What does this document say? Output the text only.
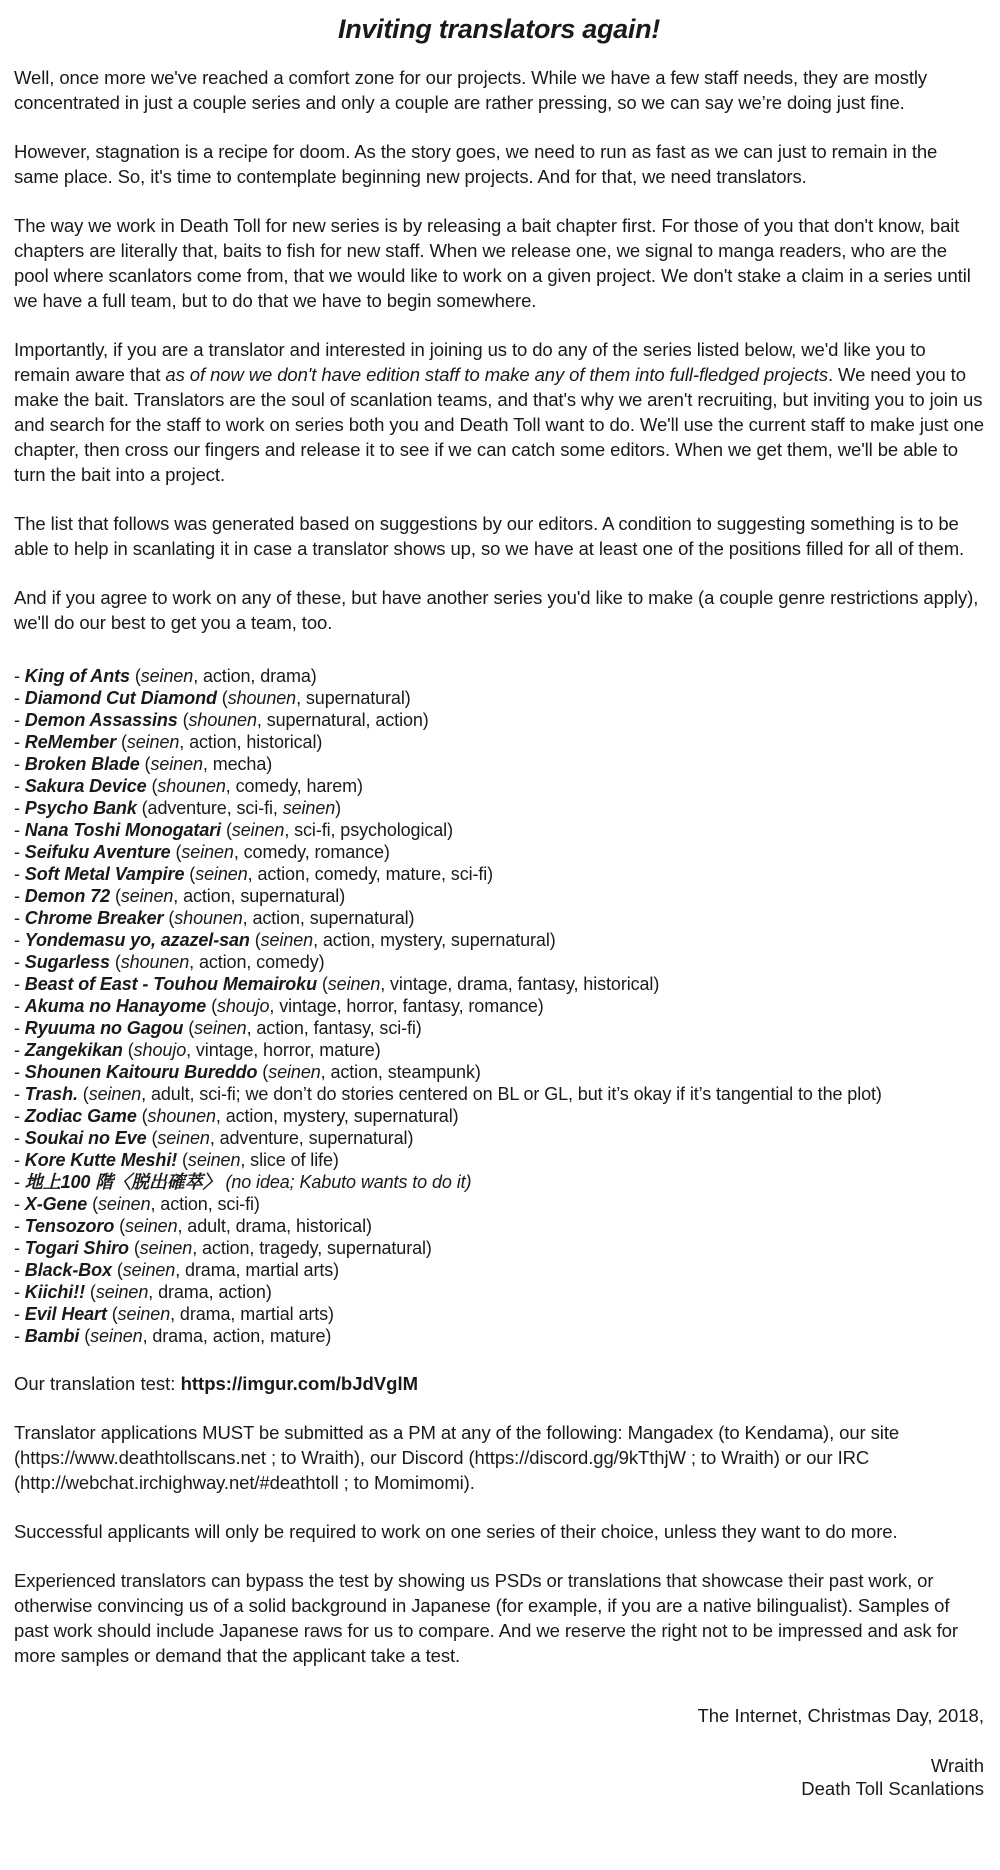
Inviting translators again!

Well, once more we've reached a comfort zone for our projects. While we have a few staff needs, they are mostly concentrated in just a couple series and only a couple are rather pressing, so we can say we’re doing just fine.

However, stagnation is a recipe for doom. As the story goes, we need to run as fast as we can just to remain in the same place. So, it's time to contemplate beginning new projects. And for that, we need translators.

The way we work in Death Toll for new series is by releasing a bait chapter first. For those of you that don't know, bait chapters are literally that, baits to fish for new staff. When we release one, we signal to manga readers, who are the pool where scanlators come from, that we would like to work on a given project. We don't stake a claim in a series until we have a full team, but to do that we have to begin somewhere.

Importantly, if you are a translator and interested in joining us to do any of the series listed below, we'd like you to remain aware that as of now we don't have edition staff to make any of them into full-fledged projects. We need you to make the bait. Translators are the soul of scanlation teams, and that's why we aren't recruiting, but inviting you to join us and search for the staff to work on series both you and Death Toll want to do. We'll use the current staff to make just one chapter, then cross our fingers and release it to see if we can catch some editors. When we get them, we'll be able to turn the bait into a project.

The list that follows was generated based on suggestions by our editors. A condition to suggesting something is to be able to help in scanlating it in case a translator shows up, so we have at least one of the positions filled for all of them.

And if you agree to work on any of these, but have another series you'd like to make (a couple genre restrictions apply), we'll do our best to get you a team, too.

- King of Ants (seinen, action, drama)
- Diamond Cut Diamond (shounen, supernatural)
- Demon Assassins (shounen, supernatural, action)
- ReMember (seinen, action, historical)
- Broken Blade (seinen, mecha)
- Sakura Device (shounen, comedy, harem)
- Psycho Bank (adventure, sci-fi, seinen)
- Nana Toshi Monogatari (seinen, sci-fi, psychological)
- Seifuku Aventure (seinen, comedy, romance)
- Soft Metal Vampire (seinen, action, comedy, mature, sci-fi)
- Demon 72 (seinen, action, supernatural)
- Chrome Breaker (shounen, action, supernatural)
- Yondemasu yo, azazel-san (seinen, action, mystery, supernatural)
- Sugarless (shounen, action, comedy)
- Beast of East - Touhou Memairoku (seinen, vintage, drama, fantasy, historical)
- Akuma no Hanayome (shoujo, vintage, horror, fantasy, romance)
- Ryuuma no Gagou (seinen, action, fantasy, sci-fi)
- Zangekikan (shoujo, vintage, horror, mature)
- Shounen Kaitouru Bureddo (seinen, action, steampunk)
- Trash. (seinen, adult, sci-fi; we don’t do stories centered on BL or GL, but it’s okay if it’s tangential to the plot)
- Zodiac Game (shounen, action, mystery, supernatural)
- Soukai no Eve (seinen, adventure, supernatural)
- Kore Kutte Meshi! (seinen, slice of life)
- 地上100 階〈脱出確萃〉 (no idea; Kabuto wants to do it)
- X-Gene (seinen, action, sci-fi)
- Tensozoro (seinen, adult, drama, historical)
- Togari Shiro (seinen, action, tragedy, supernatural)
- Black-Box (seinen, drama, martial arts)
- Kiichi!! (seinen, drama, action)
- Evil Heart (seinen, drama, martial arts)
- Bambi (seinen, drama, action, mature)

Our translation test: https://imgur.com/bJdVglM

Translator applications MUST be submitted as a PM at any of the following: Mangadex (to Kendama), our site (https://www.deathtollscans.net ; to Wraith), our Discord (https://discord.gg/9kTthjW ; to Wraith) or our IRC (http://webchat.irchighway.net/#deathtoll ; to Momimomi).

Successful applicants will only be required to work on one series of their choice, unless they want to do more.

Experienced translators can bypass the test by showing us PSDs or translations that showcase their past work, or otherwise convincing us of a solid background in Japanese (for example, if you are a native bilingualist). Samples of past work should include Japanese raws for us to compare. And we reserve the right not to be impressed and ask for more samples or demand that the applicant take a test.

The Internet, Christmas Day, 2018,
Wraith
Death Toll Scanlations
